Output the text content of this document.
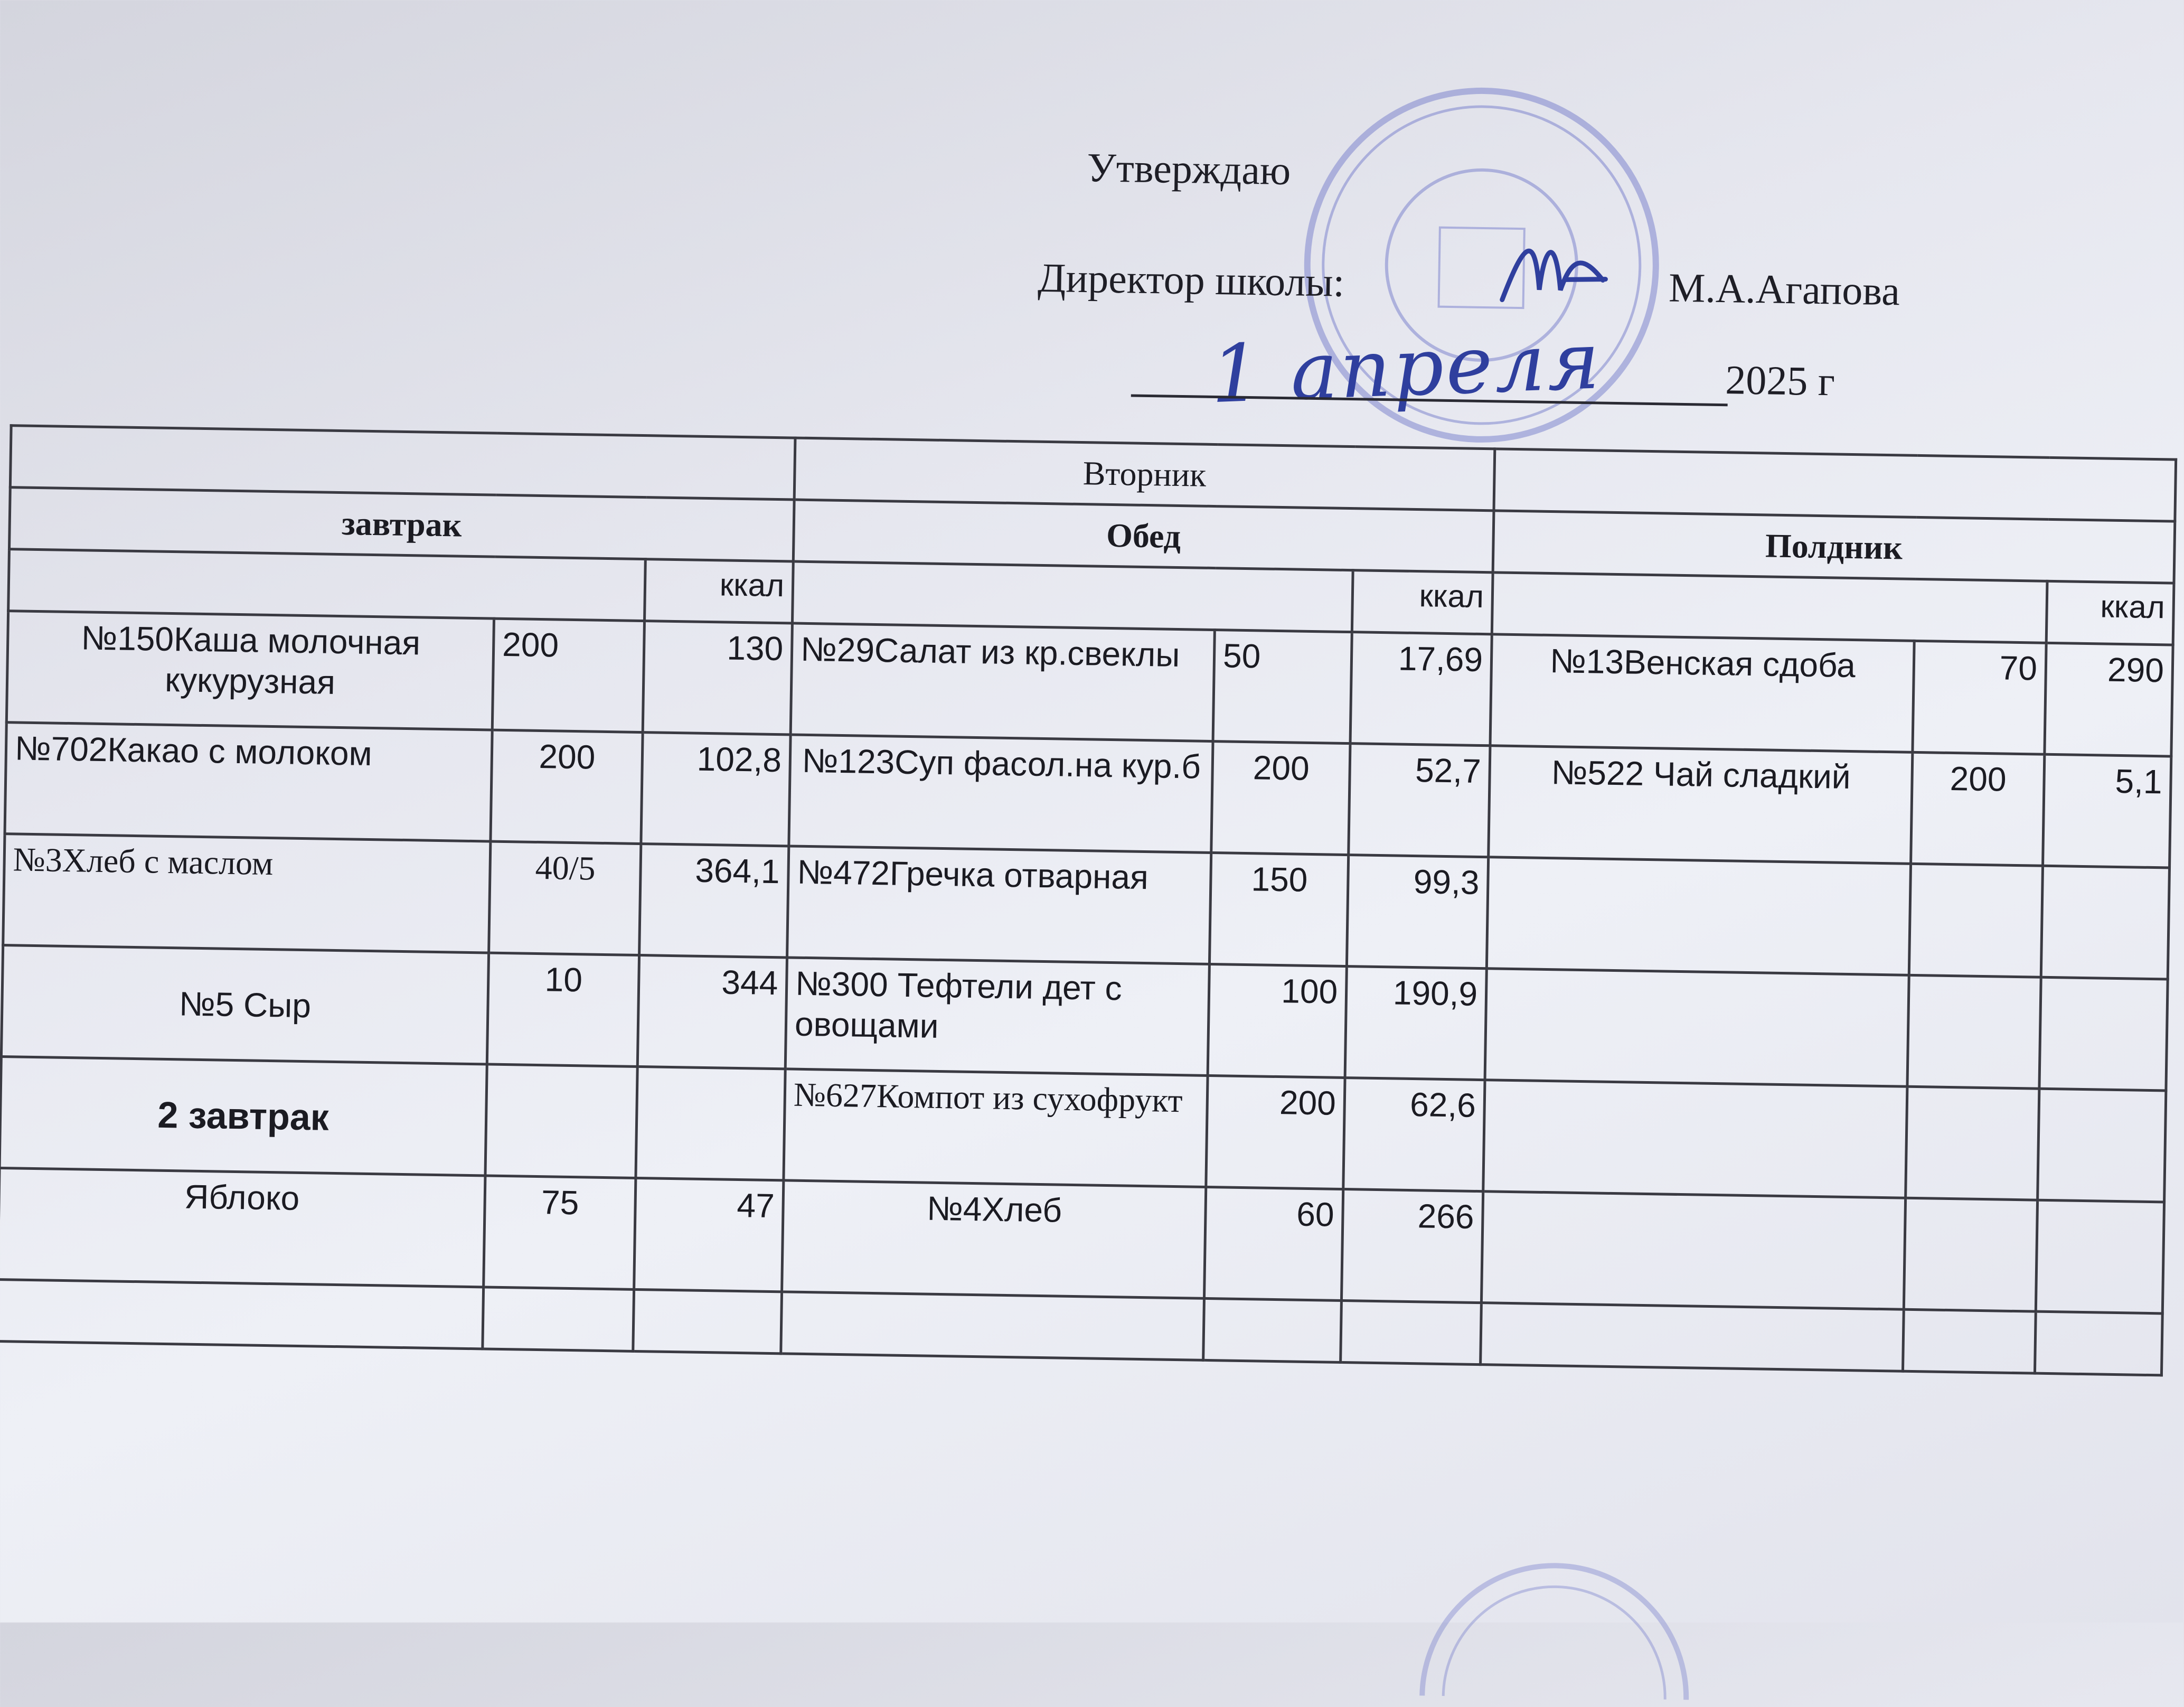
Утверждаю
Директор школы:	М.А.Агапова
1 апреля	2025 г
			Вторник					
завтрак			Обед			Полдник		
		ккал			ккал			ккал
№150Каша молочная кукурузная	200	130	№29Салат из кр.свеклы	50	17,69	№13Венская сдоба	70	290
№702Какао с молоком	200	102,8	№123Суп фасол.на кур.б	200	52,7	№522 Чай сладкий	200	5,1
№3Хлеб с маслом	40/5	364,1	№472Гречка отварная	150	99,3			
№5 Сыр	10	344	№300 Тефтели дет с овощами	100	190,9			
2 завтрак			№627Компот из сухофрукт	200	62,6			
Яблоко	75	47	№4Хлеб	60	266			
